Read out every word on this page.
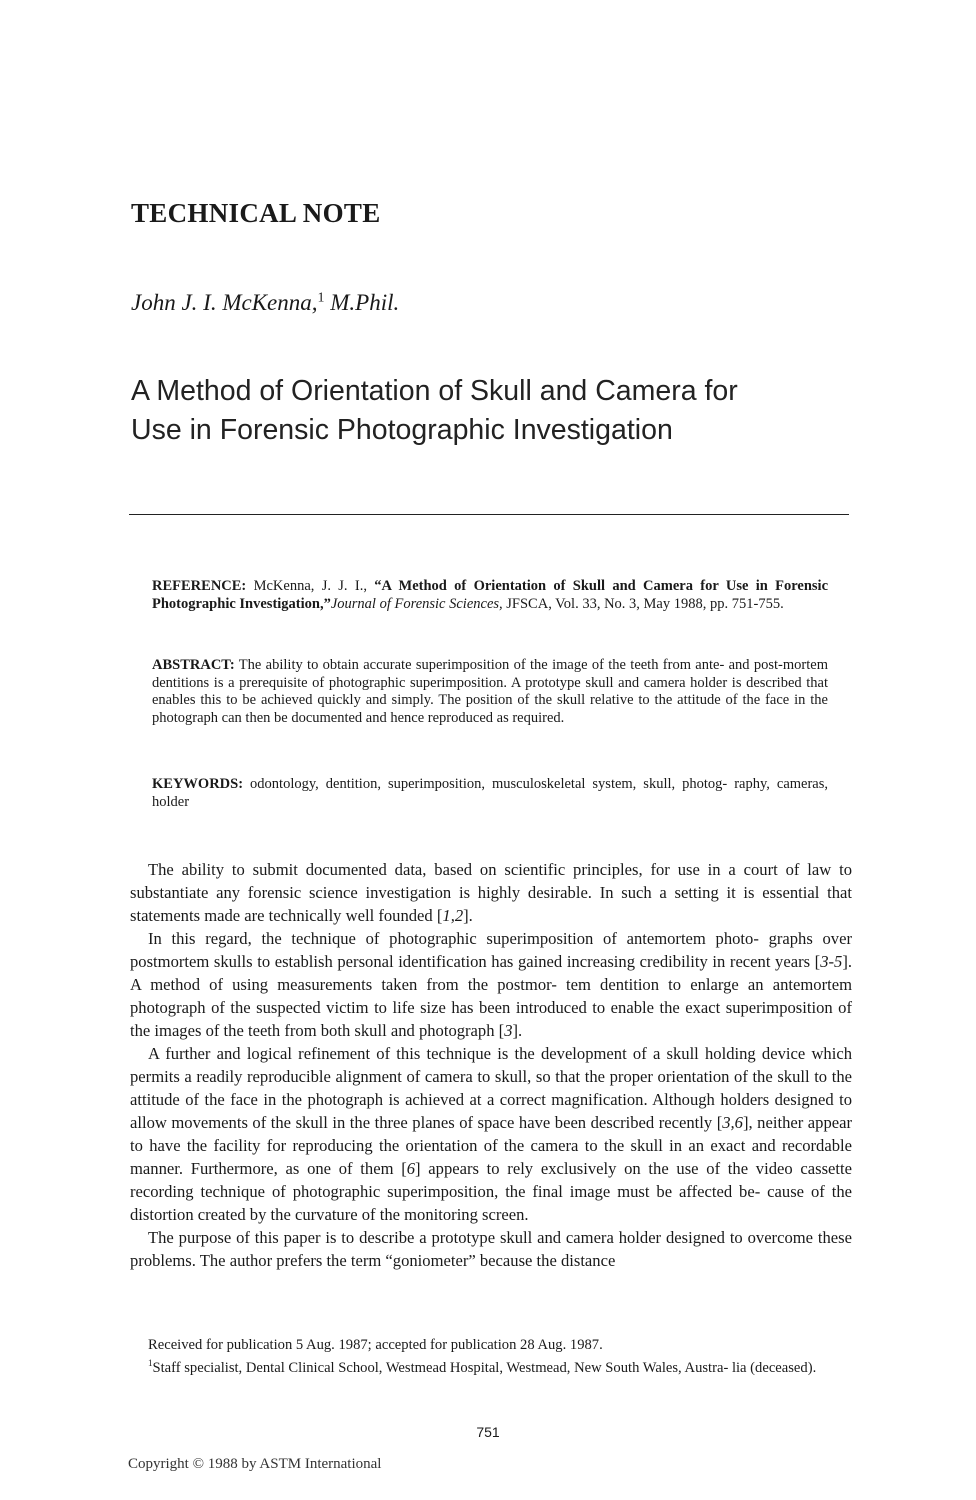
TECHNICAL NOTE

John J. I. McKenna,$^1$ M.Phil.

A Method of Orientation of Skull and Camera for
Use in Forensic Photographic Investigation

REFERENCE: McKenna, J. J. I., “A Method of Orientation of Skull and Camera for Use in Forensic Photographic Investigation,”Journal of Forensic Sciences, JFSCA, Vol. 33, No. 3, May 1988, pp. 751-755.

ABSTRACT: The ability to obtain accurate superimposition of the image of the teeth from ante- and post-mortem dentitions is a prerequisite of photographic superimposition. A prototype skull and camera holder is described that enables this to be achieved quickly and simply. The position of the skull relative to the attitude of the face in the photograph can then be documented and hence reproduced as required.

KEYWORDS: odontology, dentition, superimposition, musculoskeletal system, skull, photog- raphy, cameras, holder

The ability to submit documented data, based on scientific principles, for use in a court of law to substantiate any forensic science investigation is highly desirable. In such a setting it is essential that statements made are technically well founded [1,2].

In this regard, the technique of photographic superimposition of antemortem photo- graphs over postmortem skulls to establish personal identification has gained increasing credibility in recent years [3-5]. A method of using measurements taken from the postmor- tem dentition to enlarge an antemortem photograph of the suspected victim to life size has been introduced to enable the exact superimposition of the images of the teeth from both skull and photograph [3].

A further and logical refinement of this technique is the development of a skull holding device which permits a readily reproducible alignment of camera to skull, so that the proper orientation of the skull to the attitude of the face in the photograph is achieved at a correct magnification. Although holders designed to allow movements of the skull in the three planes of space have been described recently [3,6], neither appear to have the facility for reproducing the orientation of the camera to the skull in an exact and recordable manner. Furthermore, as one of them [6] appears to rely exclusively on the use of the video cassette recording technique of photographic superimposition, the final image must be affected be- cause of the distortion created by the curvature of the monitoring screen.

The purpose of this paper is to describe a prototype skull and camera holder designed to overcome these problems. The author prefers the term “goniometer” because the distance

Received for publication 5 Aug. 1987; accepted for publication 28 Aug. 1987.

$^1$Staff specialist, Dental Clinical School, Westmead Hospital, Westmead, New South Wales, Austra- lia (deceased).

751
Copyright © 1988 by ASTM International
